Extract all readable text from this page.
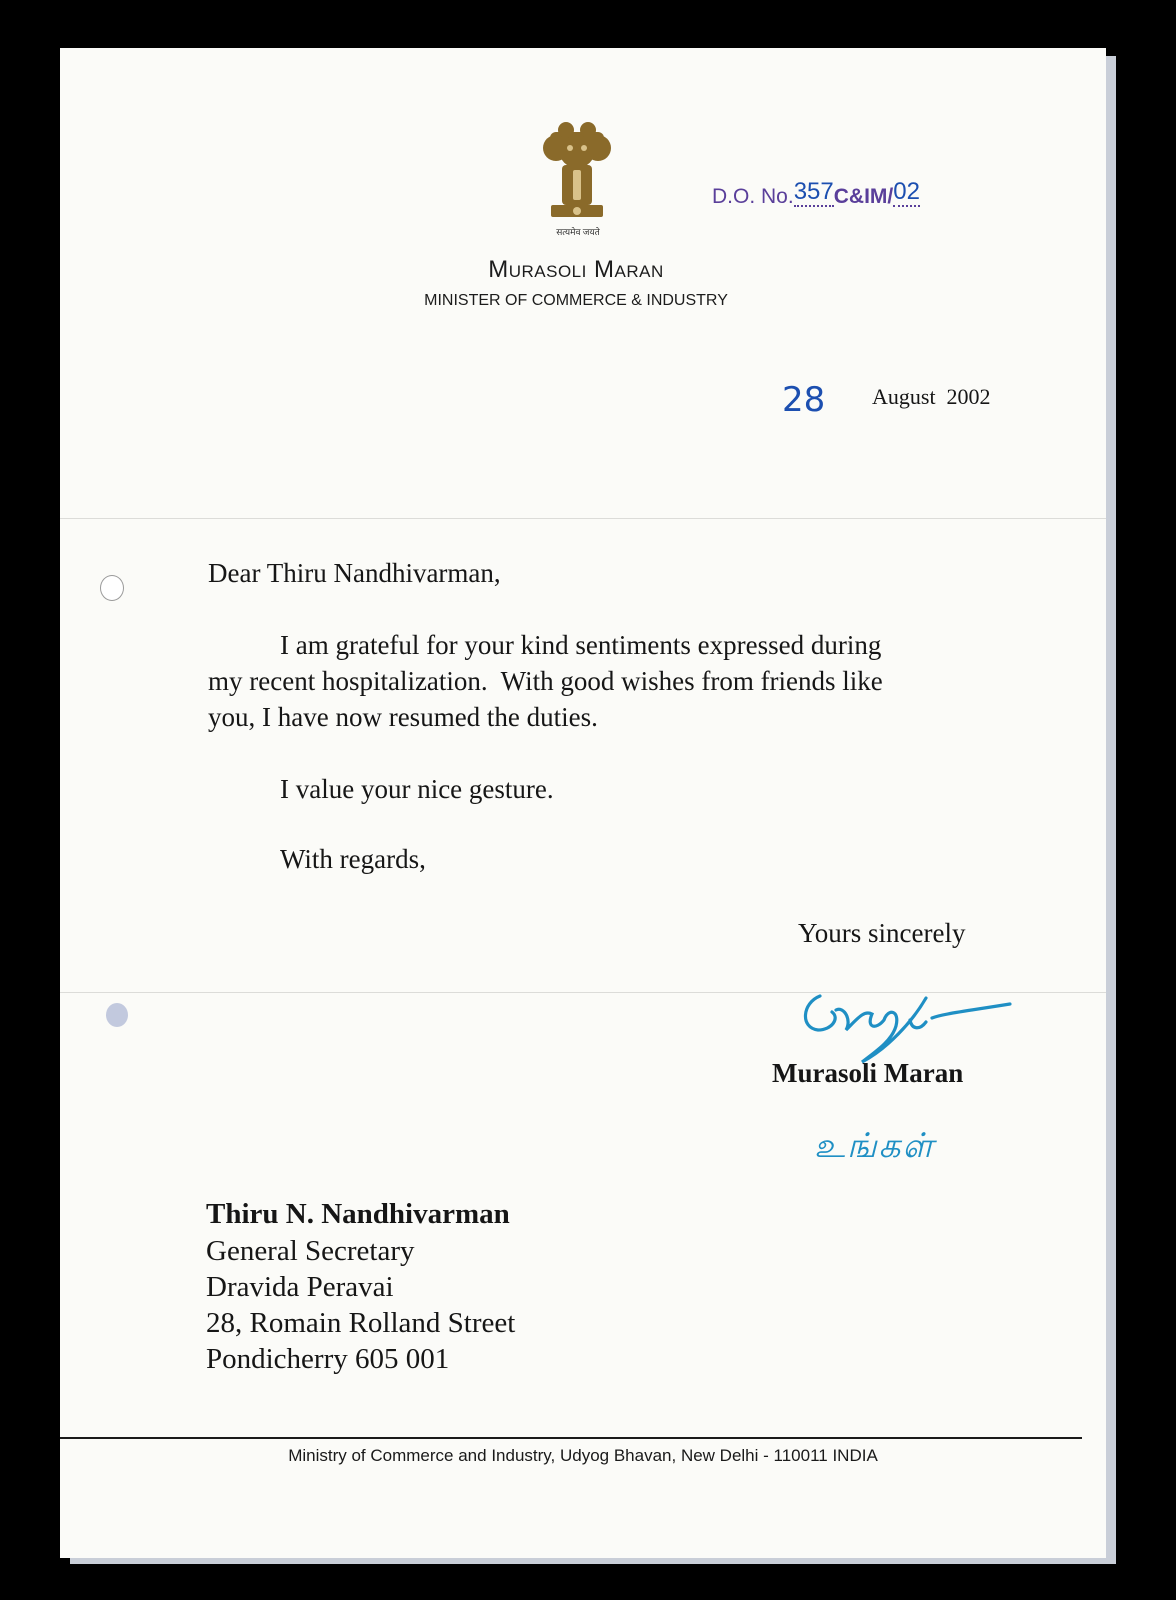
सत्यमेव जयते
Murasoli Maran
MINISTER OF COMMERCE & INDUSTRY
D.O. No.357C&IM/02
28 August  2002
Dear Thiru Nandhivarman,
I am grateful for your kind sentiments expressed during
my recent hospitalization.  With good wishes from friends like
you, I have now resumed the duties.
I value your nice gesture.
With regards,
Yours sincerely
Murasoli Maran
உங்கள்
Thiru N. Nandhivarman
General Secretary
Dravida Peravai
28, Romain Rolland Street
Pondicherry 605 001
Ministry of Commerce and Industry, Udyog Bhavan, New Delhi - 110011 INDIA
